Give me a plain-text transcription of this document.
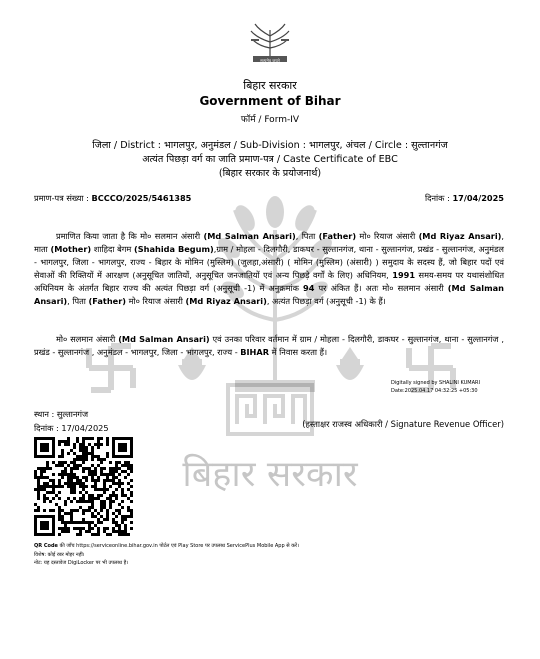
बिहार सरकार
सत्यमेव जयते
बिहार सरकार
Government of Bihar
फॉर्म / Form-IV
जिला / District : भागलपुर, अनुमंडल / Sub-Division : भागलपुर, अंचल / Circle : सुल्तानगंज
अत्यंत पिछड़ा वर्ग का जाति प्रमाण-पत्र / Caste Certificate of EBC
(बिहार सरकार के प्रयोजनार्थ)
प्रमाण-पत्र संख्या : BCCCO/2025/5461385	दिनांक : 17/04/2025
प्रमाणित किया जाता है कि मो० सलमान अंसारी (Md Salman Ansari), पिता (Father) मो० रियाज अंसारी (Md Riyaz Ansari), माता (Mother) शाहिदा बेगम (Shahida Begum),ग्राम / मोहला - दिलगौरी, डाकघर - सुल्तानगंज, थाना - सुल्तानगंज, प्रखंड - सुल्तानगंज, अनुमंडल - भागलपुर, जिला - भागलपुर, राज्य - बिहार के मोमिन (मुस्लिम) (जुलहा,अंसारी) ( मोमिन (मुस्लिम) (अंसारी) ) समुदाय के सदस्य हैं, जो बिहार पदों एवं सेवाओं की रिक्तियों में आरक्षण (अनुसूचित जातियों, अनुसूचित जनजातियों एवं अन्य पिछड़े वर्गों के लिए) अधिनियम, 1991 समय-समय पर यथासंशोधित अधिनियम के अंतर्गत बिहार राज्य की अत्यंत पिछड़ा वर्ग (अनुसूची -1) में अनुक्रमांक 94 पर अंकित हैं। अतः मो० सलमान अंसारी (Md Salman Ansari), पिता (Father) मो० रियाज अंसारी (Md Riyaz Ansari), अत्यंत पिछड़ा वर्ग (अनुसूची -1) के हैं।
मो० सलमान अंसारी (Md Salman Ansari) एवं उनका परिवार वर्तमान में ग्राम / मोहला - दिलगौरी, डाकघर - सुल्तानगंज, थाना - सुल्तानगंज , प्रखंड - सुल्तानगंज , अनुमंडल - भागलपुर, जिला - भागलपुर, राज्य - BIHAR में निवास करता हैं।
Digitally signed by SHALINI KUMARI
Date:2025.04.17 04:32:25 +05:30
स्थान : सुल्तानगंज
दिनांक : 17/04/2025	(हस्ताक्षर राजस्व अधिकारी / Signature Revenue Officer)
QR Code की जाँच https://serviceonline.bihar.gov.in पोर्टल एवं Play Store पर उपलब्ध ServicePlus Mobile App से करें।
विशेष: कोई रबर मोहर नहीं।
नोट: यह दस्तावेज DigiLocker पर भी उपलब्ध है।
